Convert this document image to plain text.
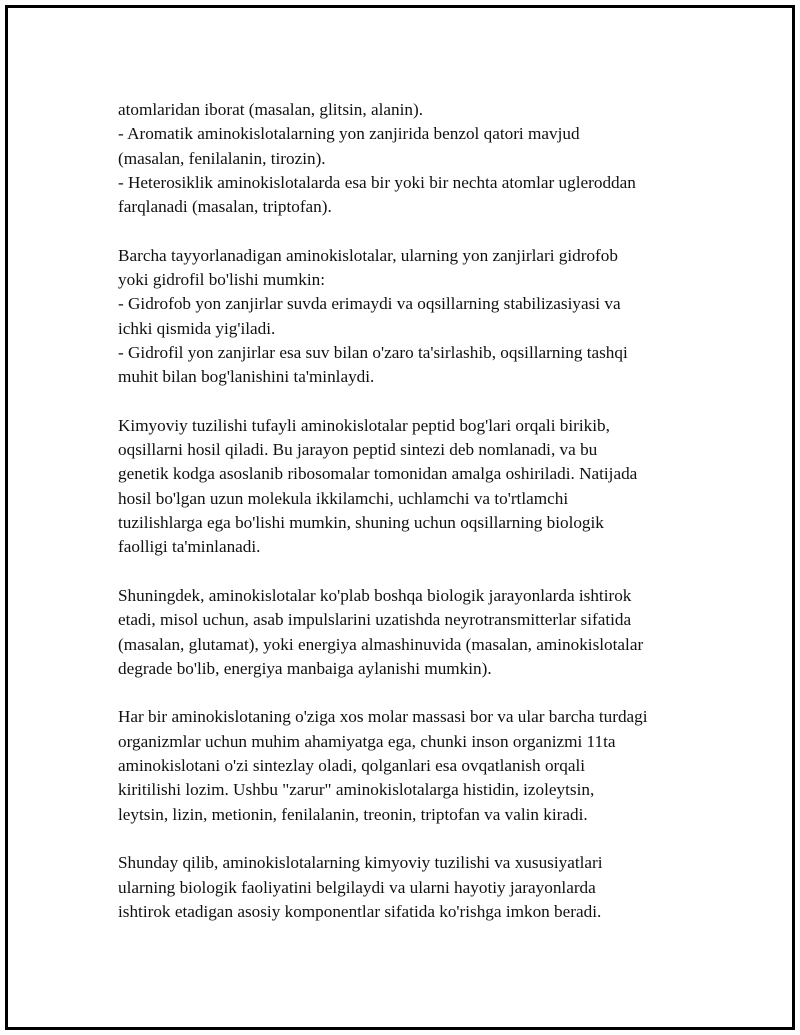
atomlaridan iborat (masalan, glitsin, alanin).
- Aromatik aminokislotalarning yon zanjirida benzol qatori mavjud
(masalan, fenilalanin, tirozin).
- Heterosiklik aminokislotalarda esa bir yoki bir nechta atomlar ugleroddan
farqlanadi (masalan, triptofan).

Barcha tayyorlanadigan aminokislotalar, ularning yon zanjirlari gidrofob
yoki gidrofil bo'lishi mumkin:
- Gidrofob yon zanjirlar suvda erimaydi va oqsillarning stabilizasiyasi va
ichki qismida yig'iladi.
- Gidrofil yon zanjirlar esa suv bilan o'zaro ta'sirlashib, oqsillarning tashqi
muhit bilan bog'lanishini ta'minlaydi.

Kimyoviy tuzilishi tufayli aminokislotalar peptid bog'lari orqali birikib,
oqsillarni hosil qiladi. Bu jarayon peptid sintezi deb nomlanadi, va bu
genetik kodga asoslanib ribosomalar tomonidan amalga oshiriladi. Natijada
hosil bo'lgan uzun molekula ikkilamchi, uchlamchi va to'rtlamchi
tuzilishlarga ega bo'lishi mumkin, shuning uchun oqsillarning biologik
faolligi ta'minlanadi.

Shuningdek, aminokislotalar ko'plab boshqa biologik jarayonlarda ishtirok
etadi, misol uchun, asab impulslarini uzatishda neyrotransmitterlar sifatida
(masalan, glutamat), yoki energiya almashinuvida (masalan, aminokislotalar
degrade bo'lib, energiya manbaiga aylanishi mumkin).

Har bir aminokislotaning o'ziga xos molar massasi bor va ular barcha turdagi
organizmlar uchun muhim ahamiyatga ega, chunki inson organizmi 11ta
aminokislotani o'zi sintezlay oladi, qolganlari esa ovqatlanish orqali
kiritilishi lozim. Ushbu "zarur" aminokislotalarga histidin, izoleytsin,
leytsin, lizin, metionin, fenilalanin, treonin, triptofan va valin kiradi.

Shunday qilib, aminokislotalarning kimyoviy tuzilishi va xususiyatlari
ularning biologik faoliyatini belgilaydi va ularni hayotiy jarayonlarda
ishtirok etadigan asosiy komponentlar sifatida ko'rishga imkon beradi.
